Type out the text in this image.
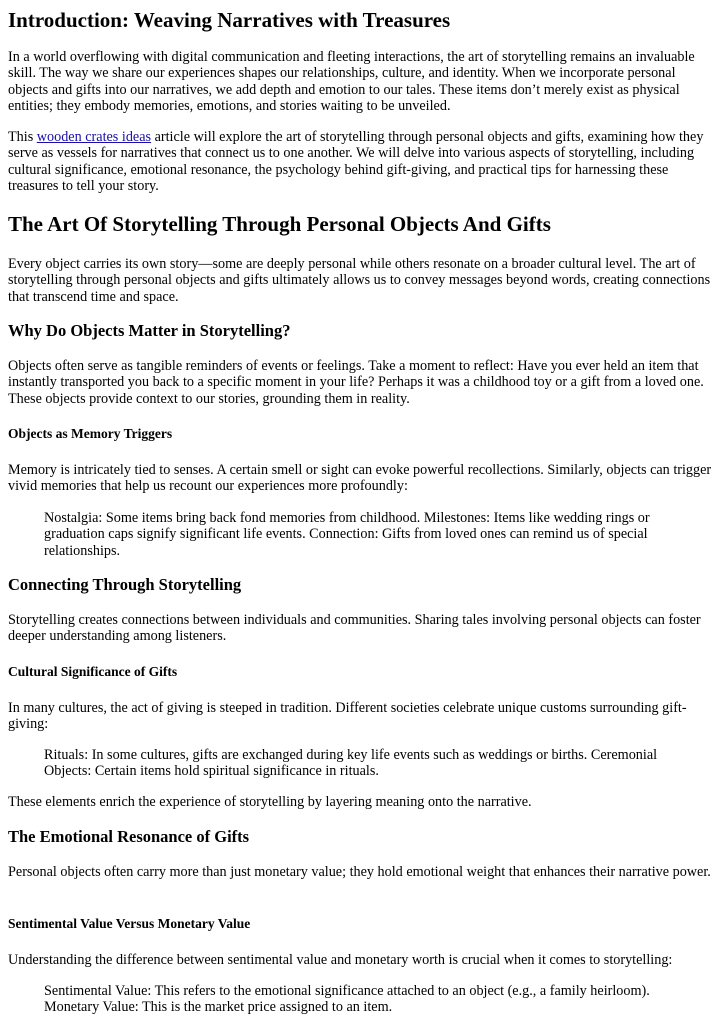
Introduction: Weaving Narratives with Treasures

In a world overflowing with digital communication and fleeting interactions, the art of storytelling remains an invaluable skill. The way we share our experiences shapes our relationships, culture, and identity. When we incorporate personal objects and gifts into our narratives, we add depth and emotion to our tales. These items don’t merely exist as physical entities; they embody memories, emotions, and stories waiting to be unveiled.

This wooden crates ideas article will explore the art of storytelling through personal objects and gifts, examining how they serve as vessels for narratives that connect us to one another. We will delve into various aspects of storytelling, including cultural significance, emotional resonance, the psychology behind gift-giving, and practical tips for harnessing these treasures to tell your story.

The Art Of Storytelling Through Personal Objects And Gifts

Every object carries its own story—some are deeply personal while others resonate on a broader cultural level. The art of storytelling through personal objects and gifts ultimately allows us to convey messages beyond words, creating connections that transcend time and space.

Why Do Objects Matter in Storytelling?

Objects often serve as tangible reminders of events or feelings. Take a moment to reflect: Have you ever held an item that instantly transported you back to a specific moment in your life? Perhaps it was a childhood toy or a gift from a loved one. These objects provide context to our stories, grounding them in reality.

Objects as Memory Triggers

Memory is intricately tied to senses. A certain smell or sight can evoke powerful recollections. Similarly, objects can trigger vivid memories that help us recount our experiences more profoundly:

Nostalgia: Some items bring back fond memories from childhood. Milestones: Items like wedding rings or graduation caps signify significant life events. Connection: Gifts from loved ones can remind us of special relationships.
Connecting Through Storytelling

Storytelling creates connections between individuals and communities. Sharing tales involving personal objects can foster deeper understanding among listeners.

Cultural Significance of Gifts

In many cultures, the act of giving is steeped in tradition. Different societies celebrate unique customs surrounding gift-giving:

Rituals: In some cultures, gifts are exchanged during key life events such as weddings or births. Ceremonial Objects: Certain items hold spiritual significance in rituals.

These elements enrich the experience of storytelling by layering meaning onto the narrative.

The Emotional Resonance of Gifts

Personal objects often carry more than just monetary value; they hold emotional weight that enhances their narrative power.

Sentimental Value Versus Monetary Value

Understanding the difference between sentimental value and monetary worth is crucial when it comes to storytelling:

Sentimental Value: This refers to the emotional significance attached to an object (e.g., a family heirloom). Monetary Value: This is the market price assigned to an item.
